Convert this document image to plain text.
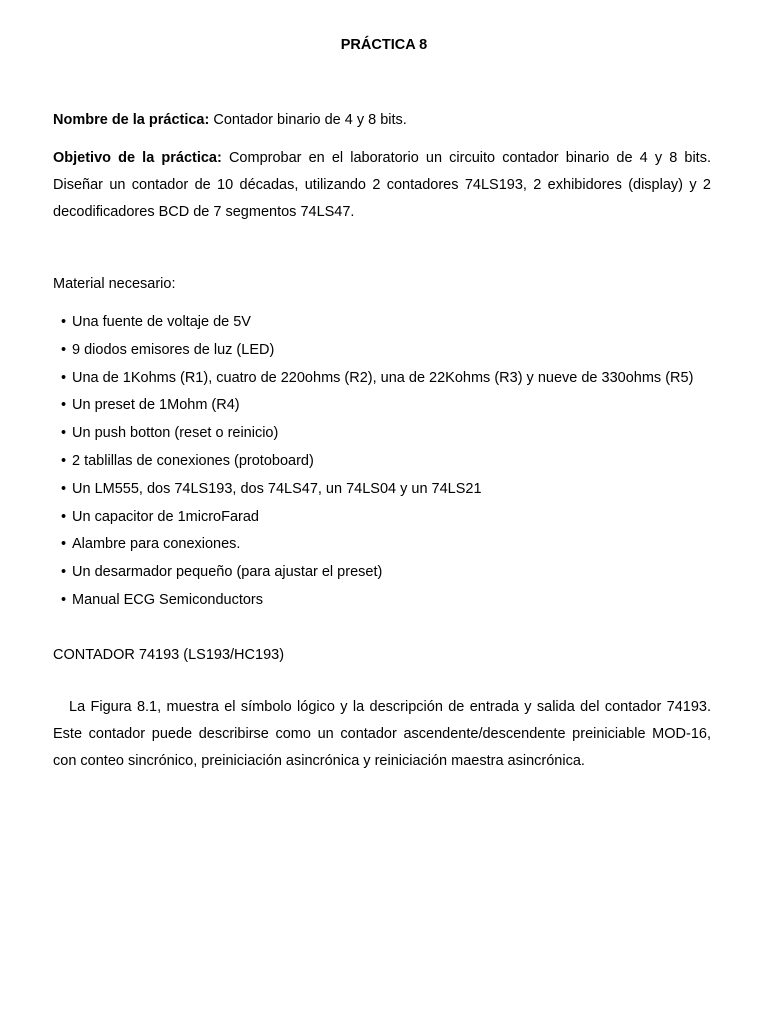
PRÁCTICA 8

Nombre de la práctica: Contador binario de 4 y 8 bits.

Objetivo de la práctica: Comprobar en el laboratorio un circuito contador binario de 4 y 8 bits. Diseñar un contador de 10 décadas, utilizando 2 contadores 74LS193, 2 exhibidores (display) y 2 decodificadores BCD de 7 segmentos 74LS47.

Material necesario:

• Una fuente de voltaje de 5V
• 9 diodos emisores de luz (LED)
• Una de 1Kohms (R1), cuatro de 220ohms (R2), una de 22Kohms (R3) y nueve de 330ohms (R5)
• Un preset de 1Mohm (R4)
• Un push botton (reset o reinicio)
• 2 tablillas de conexiones (protoboard)
• Un LM555, dos 74LS193, dos 74LS47, un 74LS04 y un 74LS21
• Un capacitor de 1microFarad
• Alambre para conexiones.
• Un desarmador pequeño (para ajustar el preset)
• Manual ECG Semiconductors

CONTADOR 74193 (LS193/HC193)

La Figura 8.1, muestra el símbolo lógico y la descripción de entrada y salida del contador 74193. Este contador puede describirse como un contador ascendente/descendente preiniciable MOD-16, con conteo sincrónico, preiniciación asincrónica y reiniciación maestra asincrónica.
